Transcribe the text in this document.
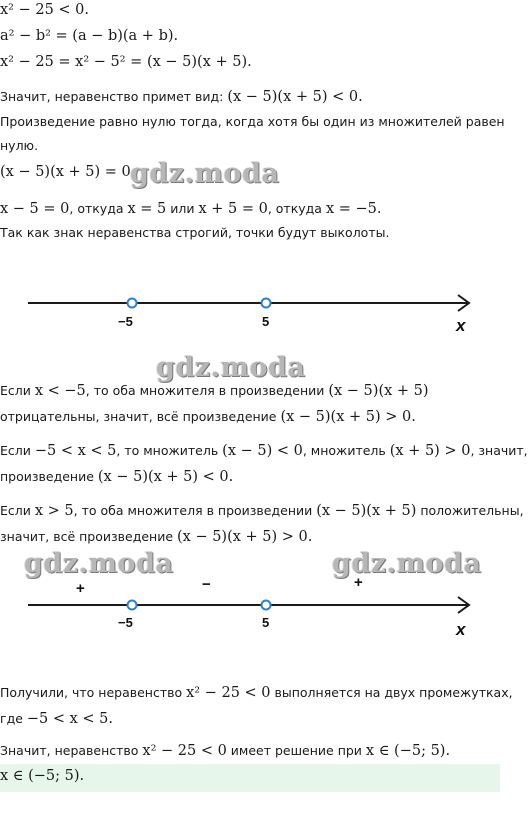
x² − 25 < 0.
a² − b² = (a − b)(a + b).
x² − 25 = x² − 5² = (x − 5)(x + 5).
Значит, неравенство примет вид: (x − 5)(x + 5) < 0.
Произведение равно нулю тогда, когда хотя бы один из множителей равен
нулю.
(x − 5)(x + 5) = 0.
x − 5 = 0, откуда x = 5 или x + 5 = 0, откуда x = −5.
Так как знак неравенства строгий, точки будут выколоты.
−5	5	x
Если x < −5, то оба множителя в произведении (x − 5)(x + 5)
отрицательны, значит, всё произведение (x − 5)(x + 5) > 0.
Если −5 < x < 5, то множитель (x − 5) < 0, множитель (x + 5) > 0, значит,
произведение (x − 5)(x + 5) < 0.
Если x > 5, то оба множителя в произведении (x − 5)(x + 5) положительны,
значит, всё произведение (x − 5)(x + 5) > 0.
+	−	+
−5	5	x
Получили, что неравенство x² − 25 < 0 выполняется на двух промежутках,
где −5 < x < 5.
Значит, неравенство x² − 25 < 0 имеет решение при x ∈ (−5; 5).
x ∈ (−5; 5).
gdz.moda
gdz.moda
gdz.moda	gdz.moda
